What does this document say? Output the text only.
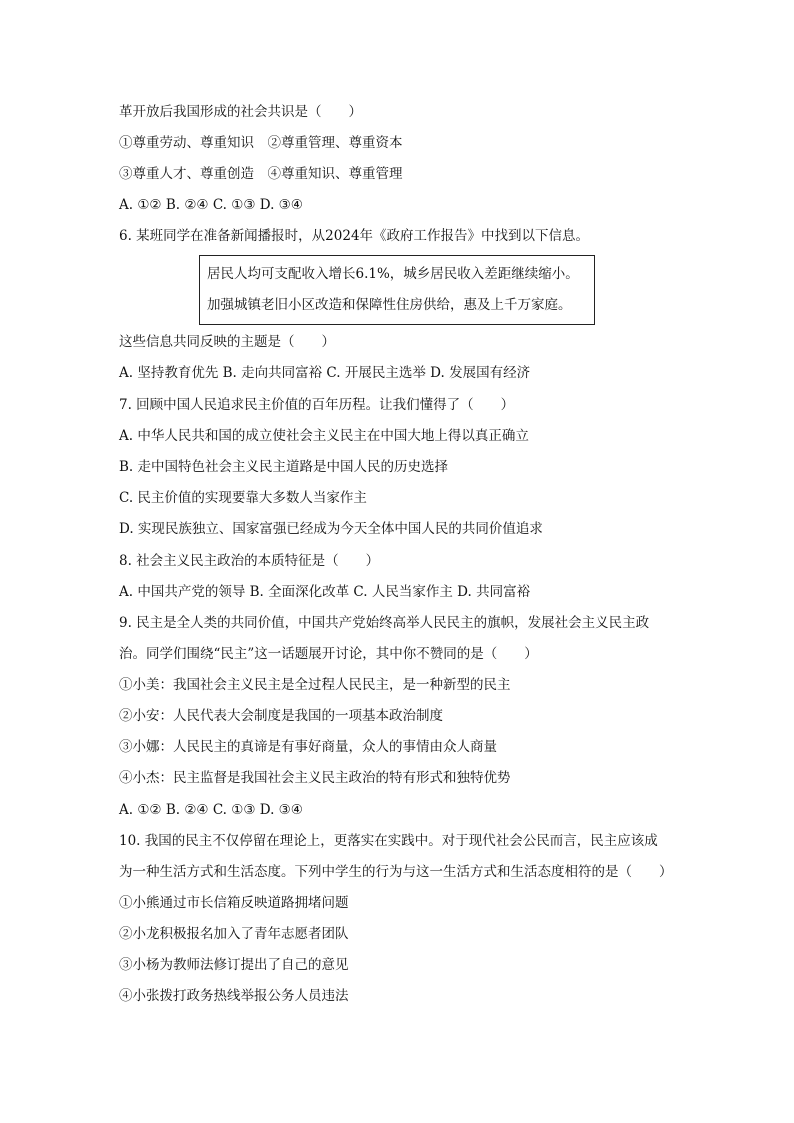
革开放后我国形成的社会共识是（　　）
①尊重劳动、尊重知识　②尊重管理、尊重资本
③尊重人才、尊重创造　④尊重知识、尊重管理
A. ①② B. ②④ C. ①③ D. ③④
6. 某班同学在准备新闻播报时，从2024年《政府工作报告》中找到以下信息。
居民人均可支配收入增长6.1%，城乡居民收入差距继续缩小。
加强城镇老旧小区改造和保障性住房供给，惠及上千万家庭。
这些信息共同反映的主题是（　　）
A. 坚持教育优先 B. 走向共同富裕 C. 开展民主选举 D. 发展国有经济
7. 回顾中国人民追求民主价值的百年历程。让我们懂得了（　　）
A. 中华人民共和国的成立使社会主义民主在中国大地上得以真正确立
B. 走中国特色社会主义民主道路是中国人民的历史选择
C. 民主价值的实现要靠大多数人当家作主
D. 实现民族独立、国家富强已经成为今天全体中国人民的共同价值追求
8. 社会主义民主政治的本质特征是（　　）
A. 中国共产党的领导 B. 全面深化改革 C. 人民当家作主 D. 共同富裕
9. 民主是全人类的共同价值，中国共产党始终高举人民民主的旗帜，发展社会主义民主政
治。同学们围绕“民主”这一话题展开讨论，其中你不赞同的是（　　）
①小美：我国社会主义民主是全过程人民民主，是一种新型的民主
②小安：人民代表大会制度是我国的一项基本政治制度
③小娜：人民民主的真谛是有事好商量，众人的事情由众人商量
④小杰：民主监督是我国社会主义民主政治的特有形式和独特优势
A. ①② B. ②④ C. ①③ D. ③④
10. 我国的民主不仅停留在理论上，更落实在实践中。对于现代社会公民而言，民主应该成
为一种生活方式和生活态度。下列中学生的行为与这一生活方式和生活态度相符的是（　　）
①小熊通过市长信箱反映道路拥堵问题
②小龙积极报名加入了青年志愿者团队
③小杨为教师法修订提出了自己的意见
④小张拨打政务热线举报公务人员违法
